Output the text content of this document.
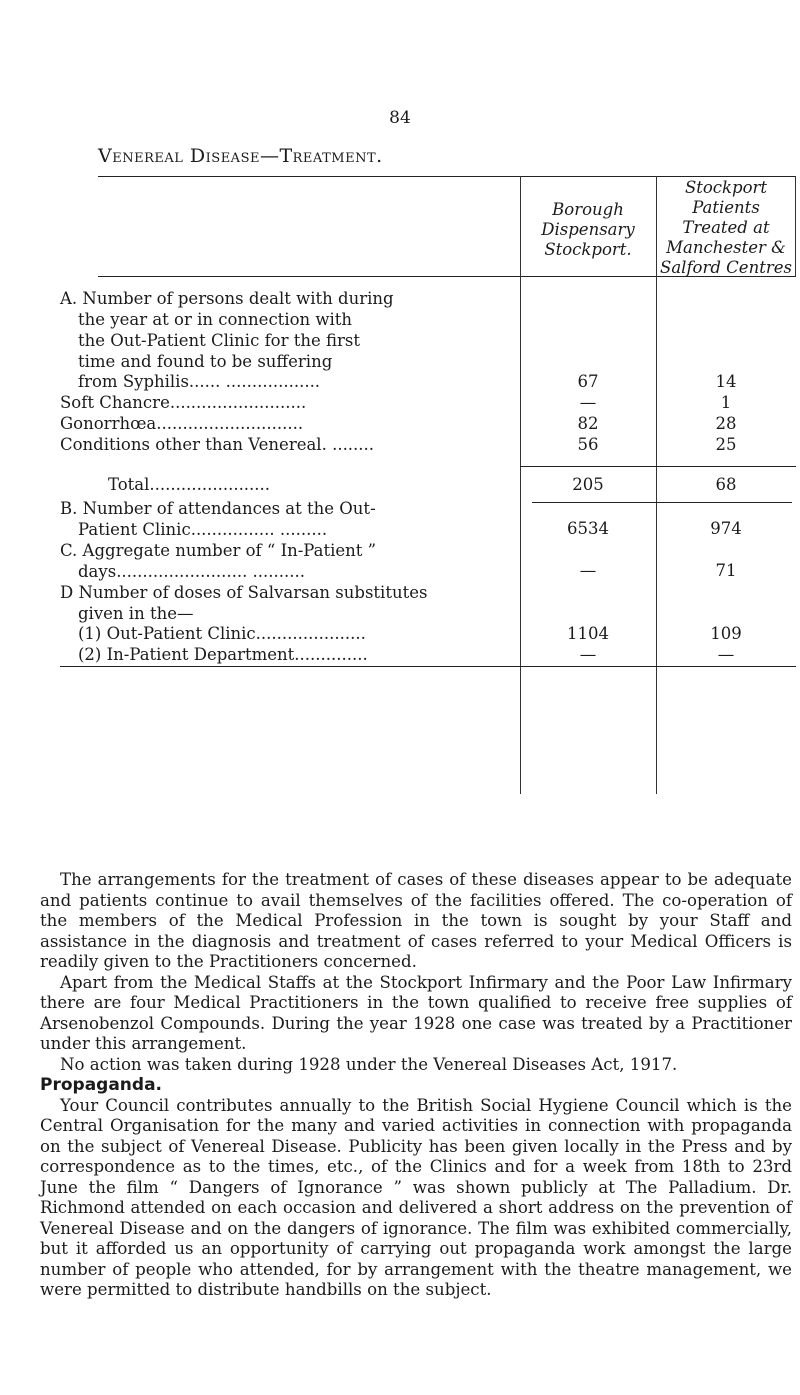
84
Venereal Disease—Treatment.
Borough
Dispensary
Stockport.
Stockport
Patients
Treated at
Manchester &
Salford Centres
A. Number of persons dealt with during
the year at or in connection with
the Out-Patient Clinic for the first
time and found to be suffering
from Syphilis...... ..................	67	14
Soft Chancre..........................	—	1
Gonorrhœa............................	82	28
Conditions other than Venereal. ........	56	25
Total.......................	205	68
B. Number of attendances at the Out-
Patient Clinic................ .........	6534	974
C. Aggregate number of “ In-Patient ”
days......................... ..........	—	71
D Number of doses of Salvarsan substitutes
given in the—
(1) Out-Patient Clinic.....................	1104	109
(2) In-Patient Department..............	—	—

The arrangements for the treatment of cases of these diseases appear to be adequate and patients continue to avail themselves of the facilities offered. The co-operation of the members of the Medical Profession in the town is sought by your Staff and assistance in the diagnosis and treatment of cases referred to your Medical Officers is readily given to the Practitioners concerned.

Apart from the Medical Staffs at the Stockport Infirmary and the Poor Law Infirmary there are four Medical Practitioners in the town qualified to receive free supplies of Arsenobenzol Compounds. During the year 1928 one case was treated by a Practitioner under this arrangement.

No action was taken during 1928 under the Venereal Diseases Act, 1917.

Propaganda.

Your Council contributes annually to the British Social Hygiene Council which is the Central Organisation for the many and varied activities in connection with propaganda on the subject of Venereal Disease. Publicity has been given locally in the Press and by correspondence as to the times, etc., of the Clinics and for a week from 18th to 23rd June the film “ Dangers of Ignorance ” was shown publicly at The Palladium. Dr. Richmond attended on each occasion and delivered a short address on the prevention of Venereal Disease and on the dangers of ignorance. The film was exhibited commercially, but it afforded us an opportunity of carrying out propaganda work amongst the large number of people who attended, for by arrangement with the theatre management, we were permitted to distribute handbills on the subject.
